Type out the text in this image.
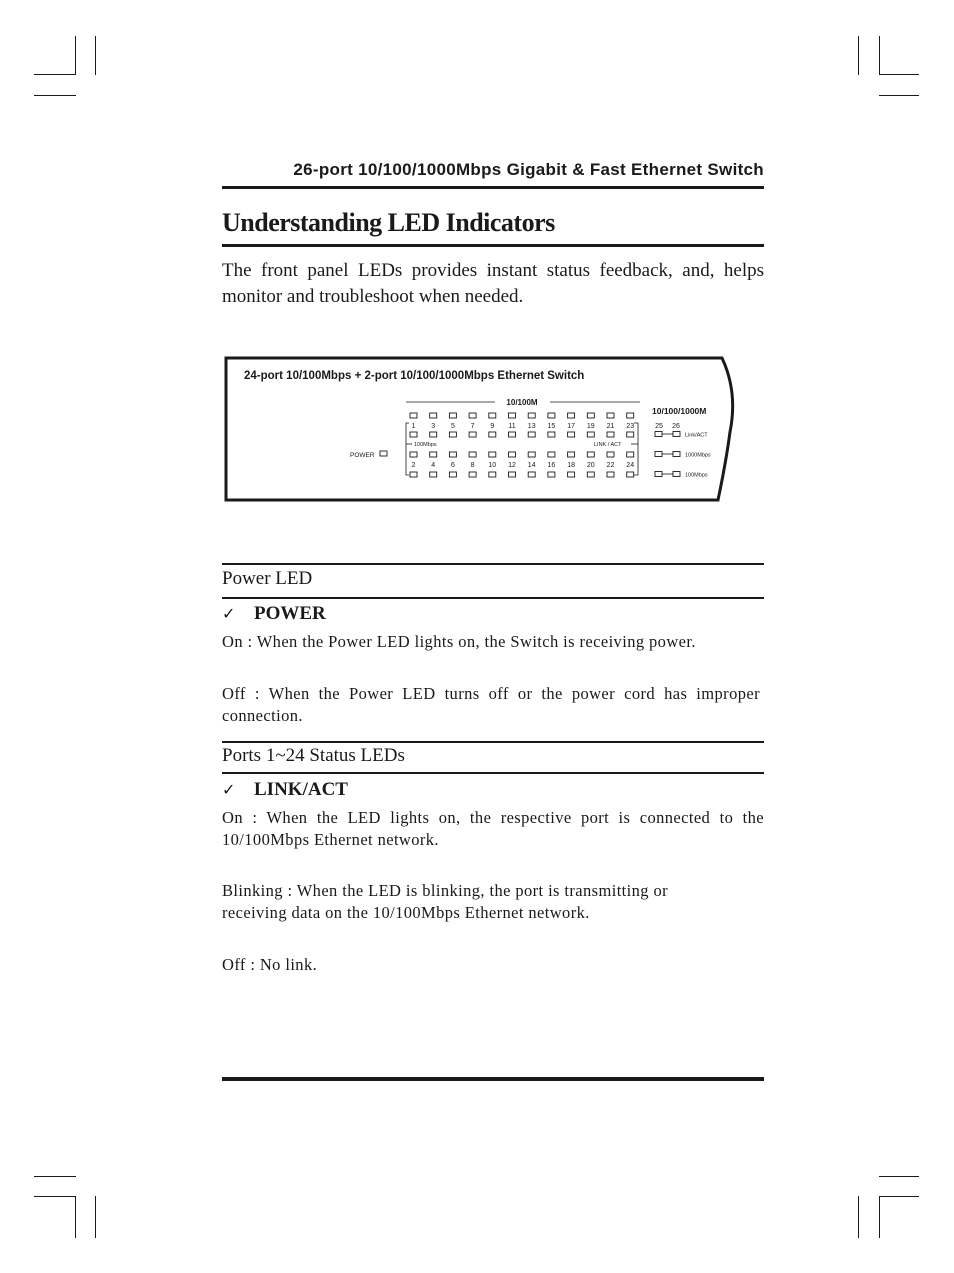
26-port 10/100/1000Mbps Gigabit & Fast Ethernet Switch
Understanding LED Indicators

The front panel LEDs provides instant status feedback, and, helps monitor and troubleshoot when needed.

24-port 10/100Mbps + 2-port 10/100/1000Mbps Ethernet Switch
10/100M
10/100/1000M
POWER
100Mbps	LINK / ACT
1 3 5 7 9 11 13 15 17 19 21 23
2 4 6 8 10 12 14 16 18 20 22 24
25 26
Link/ACT
1000Mbps
100Mbps
Power LED
✓ POWER

On : When the Power LED lights on, the Switch is receiving power.

Off : When the Power LED turns off or the power cord has improper connection.

Ports 1~24 Status LEDs
✓ LINK/ACT

On : When the LED lights on, the respective port is connected to the 10/100Mbps Ethernet network.

Blinking : When the LED is blinking, the port is transmitting or receiving data on the 10/100Mbps Ethernet network.

Off : No link.
